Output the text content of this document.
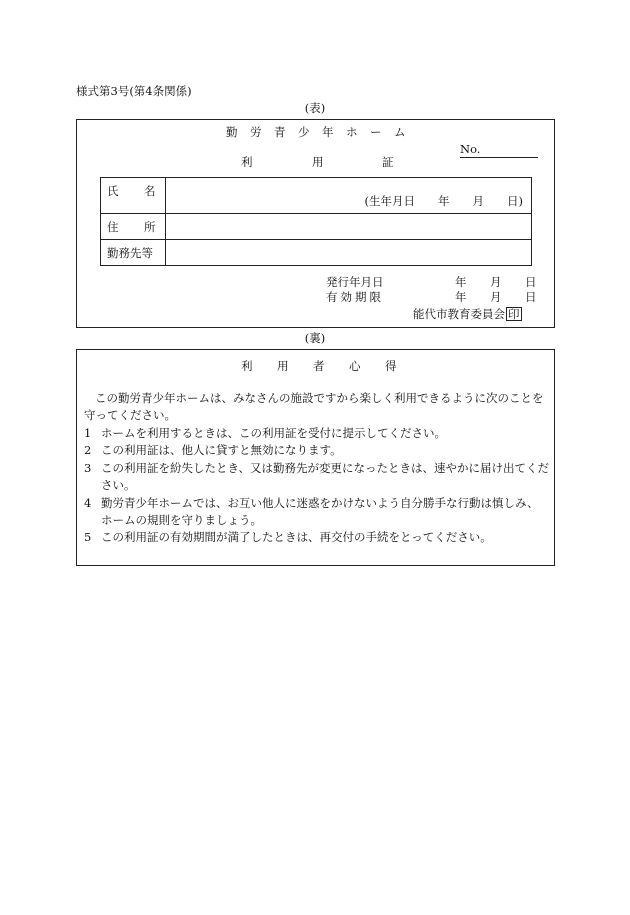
様式第3号(第4条関係)
(表)
勤労青少年ホーム
利	用	証
No.
氏　名	(生年月日　　年　　月　　日)

住　所	
勤務先等	
発行年月日	年 月 日
有効期限	年 月 日
能代市教育委員会 印
(裏)
利 用 者 心 得
この勤労青少年ホームは、みなさんの施設ですから楽しく利用できるように次のことを守ってください。
1 ホームを利用するときは、この利用証を受付に提示してください。
2 この利用証は、他人に貸すと無効になります。
3 この利用証を紛失したとき、又は勤務先が変更になったときは、速やかに届け出てください。
4 勤労青少年ホームでは、お互い他人に迷惑をかけないよう自分勝手な行動は慎しみ、ホームの規則を守りましょう。
5 この利用証の有効期間が満了したときは、再交付の手続をとってください。
